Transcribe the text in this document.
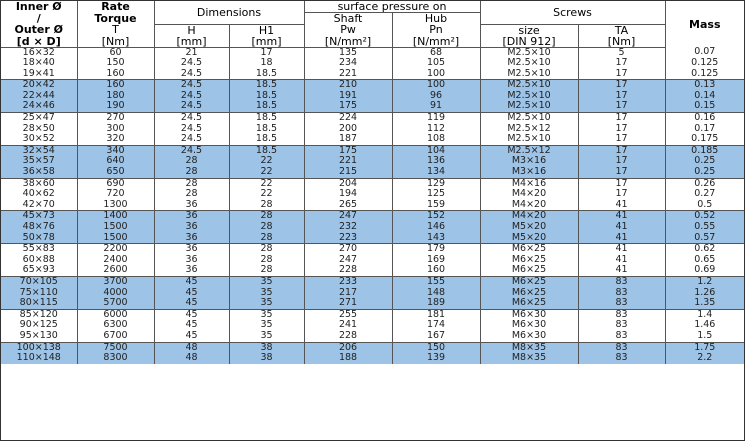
Inner Ø	Rate	Dimensions		surface pressure on		Screws		Mass
/	Torque			Shaft	Hub			
Outer Ø	T	H	H1	Pw	Pn	size	TA	
[d × D]	[Nm]	[mm]	[mm]	[N/mm²]	[N/mm²]	[DIN 912]	[Nm]	
16×32	60	21	17	135	68	M2.5×10	5	0.07
18×40	150	24.5	18	234	105	M2.5×10	17	0.125
19×41	160	24.5	18.5	221	100	M2.5×10	17	0.125
20×42	160	24.5	18.5	210	100	M2.5×10	17	0.13
22×44	180	24.5	18.5	191	96	M2.5×10	17	0.14
24×46	190	24.5	18.5	175	91	M2.5×10	17	0.15
25×47	270	24.5	18.5	224	119	M2.5×10	17	0.16
28×50	300	24.5	18.5	200	112	M2.5×12	17	0.17
30×52	320	24.5	18.5	187	108	M2.5×10	17	0.175
32×54	340	24.5	18.5	175	104	M2.5×12	17	0.185
35×57	640	28	22	221	136	M3×16	17	0.25
36×58	650	28	22	215	134	M3×16	17	0.25
38×60	690	28	22	204	129	M4×16	17	0.26
40×62	720	28	22	194	125	M4×20	17	0.27
42×70	1300	36	28	265	159	M4×20	41	0.5
45×73	1400	36	28	247	152	M4×20	41	0.52
48×76	1500	36	28	232	146	M5×20	41	0.55
50×78	1500	36	28	223	143	M5×20	41	0.57
55×83	2200	36	28	270	179	M6×25	41	0.62
60×88	2400	36	28	247	169	M6×25	41	0.65
65×93	2600	36	28	228	160	M6×25	41	0.69
70×105	3700	45	35	233	155	M6×25	83	1.2
75×110	4000	45	35	217	148	M6×25	83	1.26
80×115	5700	45	35	271	189	M6×25	83	1.35
85×120	6000	45	35	255	181	M6×30	83	1.4
90×125	6300	45	35	241	174	M6×30	83	1.46
95×130	6700	45	35	228	167	M6×30	83	1.5
100×138	7500	48	38	206	150	M8×35	83	1.75
110×148	8300	48	38	188	139	M8×35	83	2.2
